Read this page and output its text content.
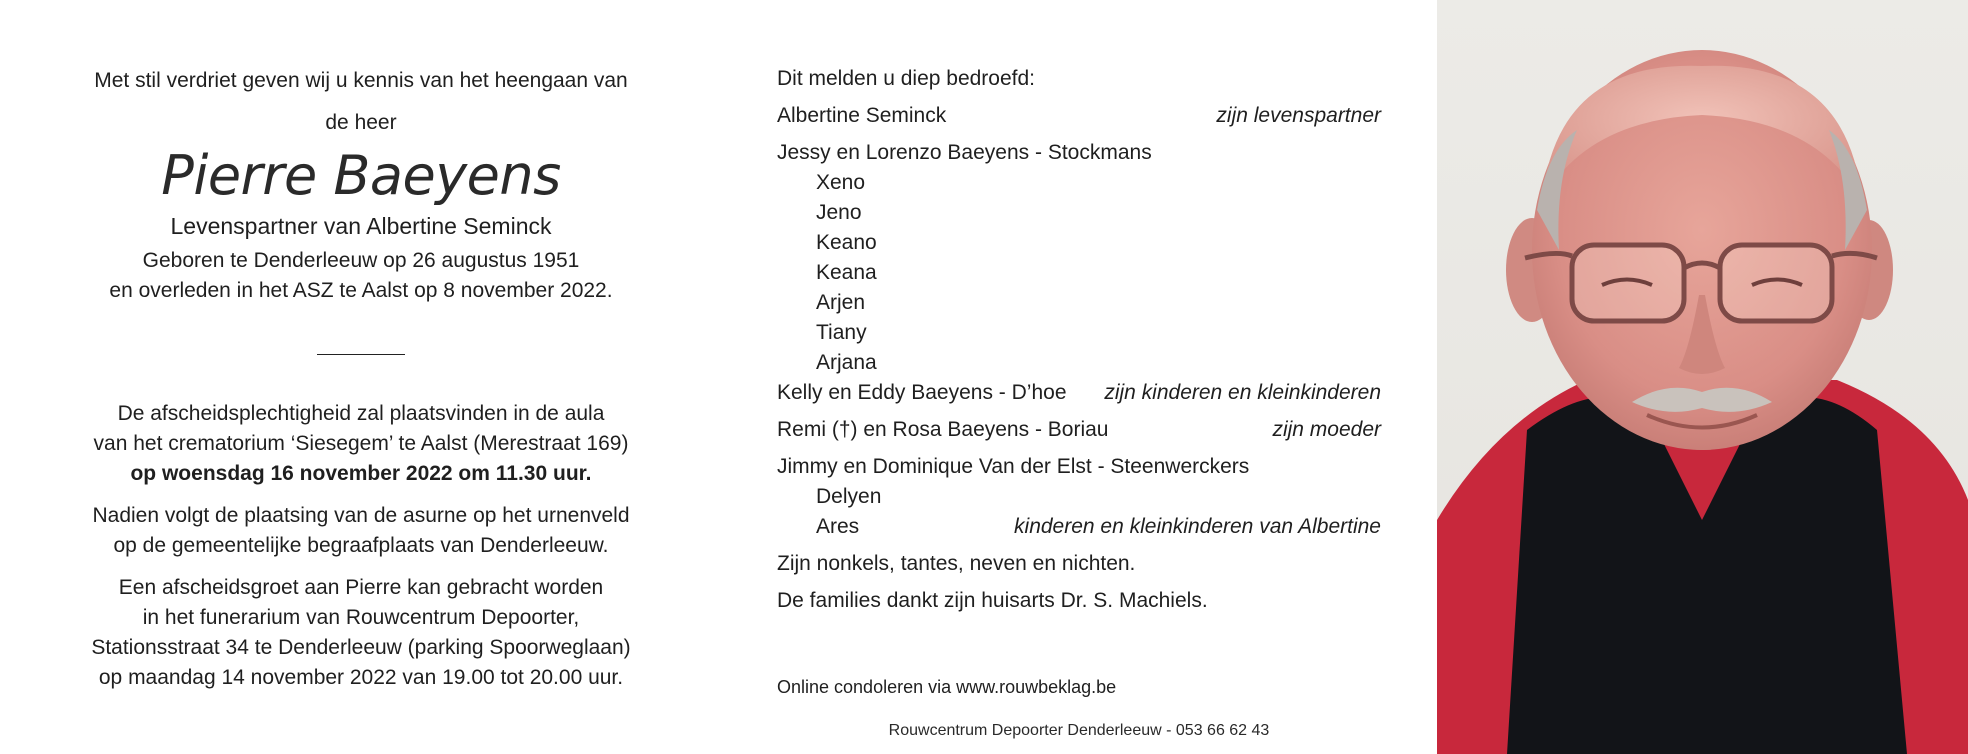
Met stil verdriet geven wij u kennis van het heengaan van
de heer

Pierre Baeyens

Levenspartner van Albertine Seminck

Geboren te Denderleeuw op 26 augustus 1951
en overleden in het ASZ te Aalst op 8 november 2022.

De afscheidsplechtigheid zal plaatsvinden in de aula
van het crematorium ‘Siesegem’ te Aalst (Merestraat 169)
op woensdag 16 november 2022 om 11.30 uur.

Nadien volgt de plaatsing van de asurne op het urnenveld
op de gemeentelijke begraafplaats van Denderleeuw.

Een afscheidsgroet aan Pierre kan gebracht worden
in het funerarium van Rouwcentrum Depoorter,
Stationsstraat 34 te Denderleeuw (parking Spoorweglaan)
op maandag 14 november 2022 van 19.00 tot 20.00 uur.

Dit melden u diep bedroefd:
Albertine Seminck	zijn levenspartner
Jessy en Lorenzo Baeyens - Stockmans
Xeno
Jeno
Keano
Keana
Arjen
Tiany
Arjana
Kelly en Eddy Baeyens - D’hoe zijn kinderen en kleinkinderen
Remi (†) en Rosa Baeyens - Boriau	zijn moeder
Jimmy en Dominique Van der Elst - Steenwerckers
Delyen
Ares	kinderen en kleinkinderen van Albertine
Zijn nonkels, tantes, neven en nichten.
De families dankt zijn huisarts Dr. S. Machiels.
Online condoleren via www.rouwbeklag.be
Rouwcentrum Depoorter Denderleeuw - 053 66 62 43
